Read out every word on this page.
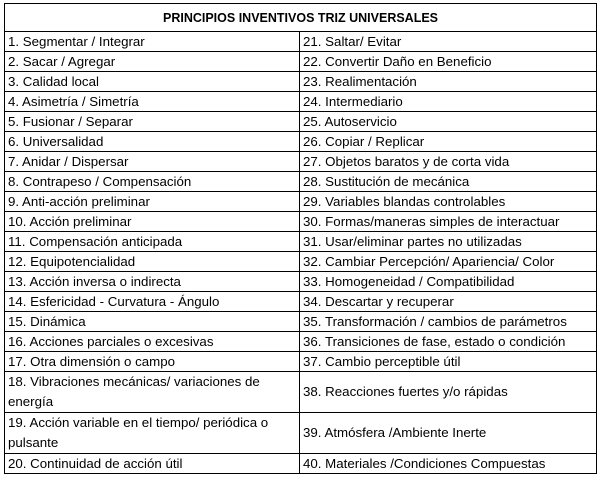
PRINCIPIOS INVENTIVOS TRIZ UNIVERSALES	
1. Segmentar / Integrar	21. Saltar/ Evitar
2. Sacar / Agregar	22. Convertir Daño en Beneficio
3. Calidad local	23. Realimentación
4. Asimetría / Simetría	24. Intermediario
5. Fusionar / Separar	25. Autoservicio
6. Universalidad	26. Copiar / Replicar
7. Anidar / Dispersar	27. Objetos baratos y de corta vida
8. Contrapeso / Compensación	28. Sustitución de mecánica
9. Anti-acción preliminar	29. Variables blandas controlables
10. Acción preliminar	30. Formas/maneras simples de interactuar
11. Compensación anticipada	31. Usar/eliminar partes no utilizadas
12. Equipotencialidad	32. Cambiar Percepción/ Apariencia/ Color
13. Acción inversa o indirecta	33. Homogeneidad / Compatibilidad
14. Esfericidad - Curvatura - Ángulo	34. Descartar y recuperar
15. Dinámica	35. Transformación / cambios de parámetros
16. Acciones parciales o excesivas	36. Transiciones de fase, estado o condición
17. Otra dimensión o campo	37. Cambio perceptible útil
18. Vibraciones mecánicas/ variaciones de energía	38. Reacciones fuertes y/o rápidas
19. Acción variable en el tiempo/ periódica o pulsante	39. Atmósfera /Ambiente Inerte
20. Continuidad de acción útil	40. Materiales /Condiciones Compuestas
